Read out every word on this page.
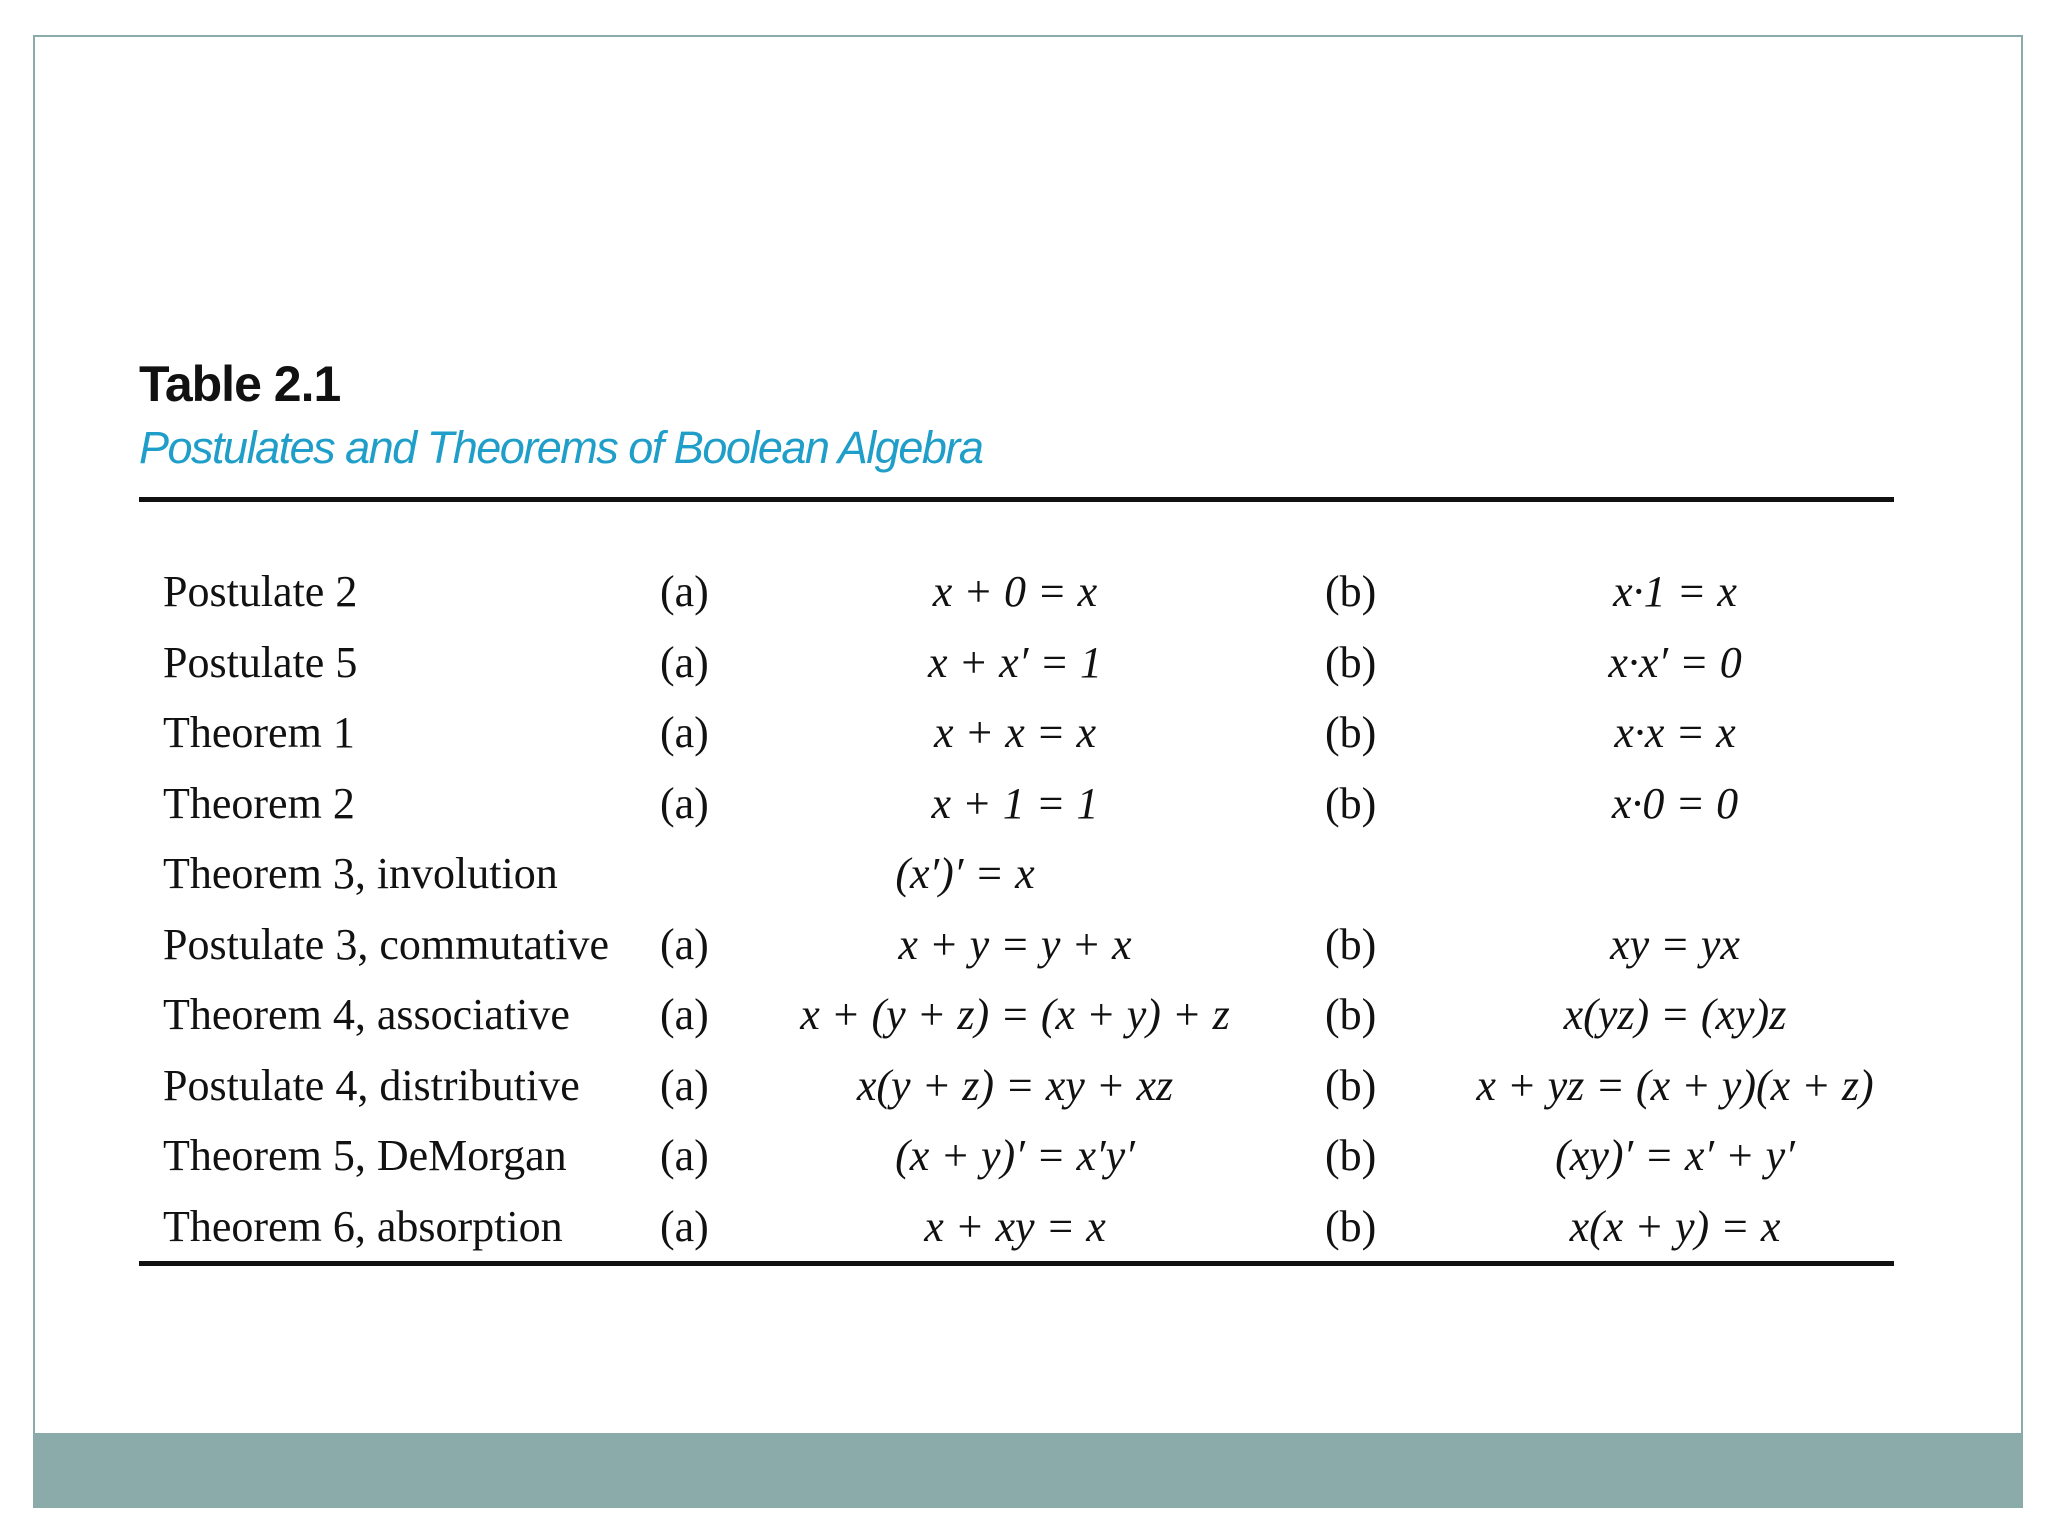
Table 2.1
Postulates and Theorems of Boolean Algebra
Postulate 2	(a)	x + 0 = x	(b)	x·1 = x
Postulate 5	(a)	x + x′ = 1	(b)	x·x′ = 0
Theorem 1	(a)	x + x = x	(b)	x·x = x
Theorem 2	(a)	x + 1 = 1	(b)	x·0 = 0
Theorem 3, involution	(x′)′ = x
Postulate 3, commutative (a)	x + y = y + x	(b)	xy = yx
Theorem 4, associative (a)	x + (y + z) = (x + y) + z	(b)	x(yz) = (xy)z
Postulate 4, distributive (a)	x(y + z) = xy + xz	(b)	x + yz = (x + y)(x + z)
Theorem 5, DeMorgan (a)	(x + y)′ = x′y′	(b)	(xy)′ = x′ + y′
Theorem 6, absorption (a)	x + xy = x	(b)	x(x + y) = x
